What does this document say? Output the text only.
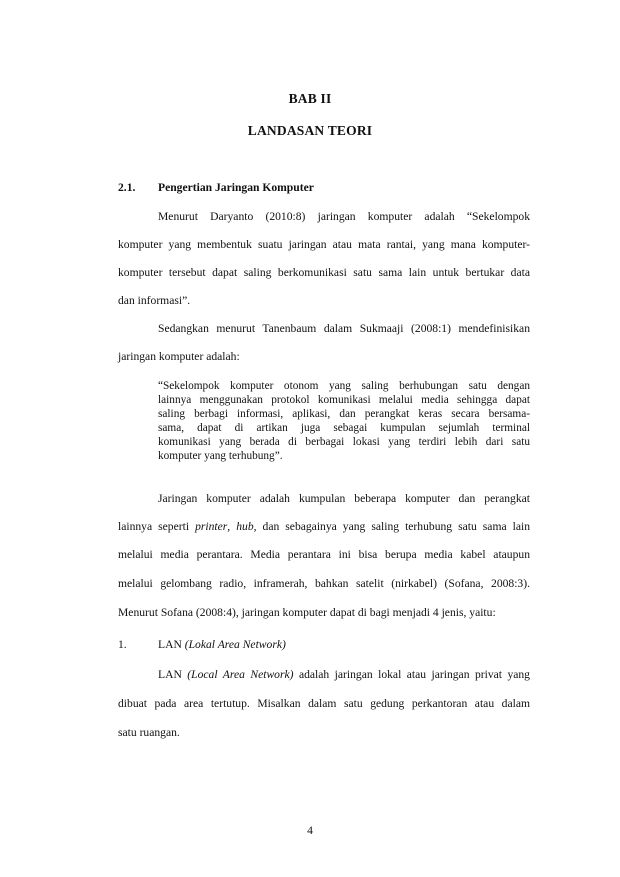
BAB II
LANDASAN TEORI
2.1. Pengertian Jaringan Komputer
Menurut Daryanto (2010:8) jaringan komputer adalah “Sekelompok
komputer yang membentuk suatu jaringan atau mata rantai, yang mana komputer-
komputer tersebut dapat saling berkomunikasi satu sama lain untuk bertukar data
dan informasi”.
Sedangkan menurut Tanenbaum dalam Sukmaaji (2008:1) mendefinisikan
jaringan komputer adalah:
“Sekelompok komputer otonom yang saling berhubungan satu dengan
lainnya menggunakan protokol komunikasi melalui media sehingga dapat
saling berbagi informasi, aplikasi, dan perangkat keras secara bersama-
sama, dapat di artikan juga sebagai kumpulan sejumlah terminal
komunikasi yang berada di berbagai lokasi yang terdiri lebih dari satu
komputer yang terhubung”.
Jaringan komputer adalah kumpulan beberapa komputer dan perangkat
lainnya seperti printer, hub, dan sebagainya yang saling terhubung satu sama lain
melalui media perantara. Media perantara ini bisa berupa media kabel ataupun
melalui gelombang radio, inframerah, bahkan satelit (nirkabel) (Sofana, 2008:3).
Menurut Sofana (2008:4), jaringan komputer dapat di bagi menjadi 4 jenis, yaitu:
1.	LAN (Lokal Area Network)
LAN (Local Area Network) adalah jaringan lokal atau jaringan privat yang
dibuat pada area tertutup. Misalkan dalam satu gedung perkantoran atau dalam
satu ruangan.
4
